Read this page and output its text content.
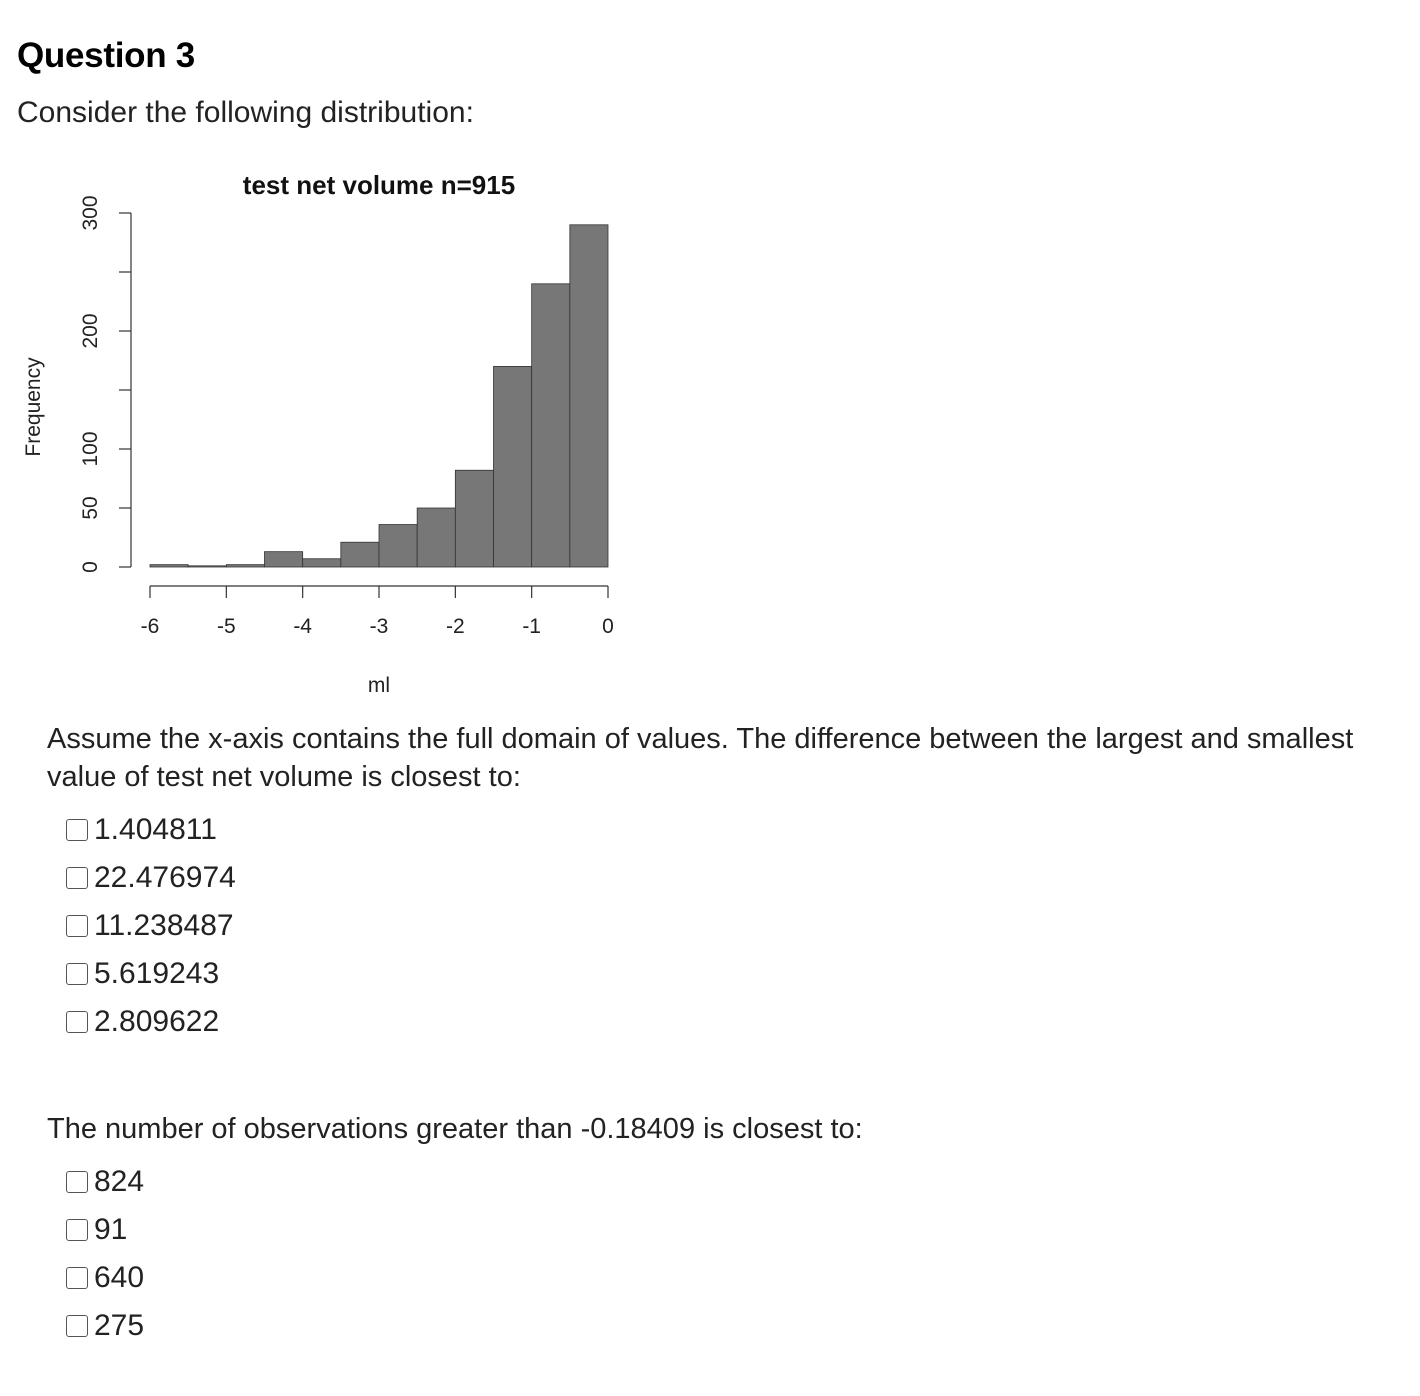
Question 3

Consider the following distribution:

test net volume n=915
Frequency
ml
-6	-5	-4	-3	-2	-1	0
0
50
100
200
300

Assume the x-axis contains the full domain of values. The difference between the largest and smallest value of test net volume is closest to:

1.404811
22.476974
11.238487
5.619243
2.809622

The number of observations greater than -0.18409 is closest to:

824
91
640
275
